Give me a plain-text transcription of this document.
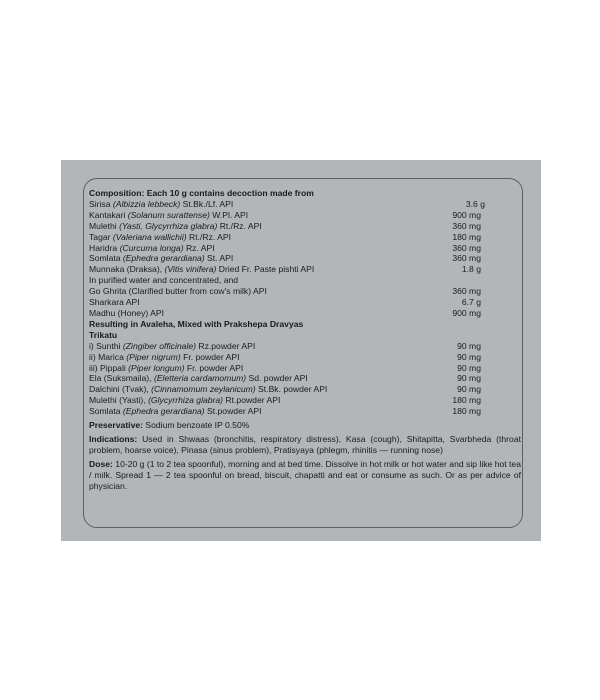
Composition: Each 10 g contains decoction made from
Sirisa (Albizzia lebbeck) St.Bk./Lf. API	3.6 g
Kantakari (Solanum surattense) W.Pl. API	900 mg
Mulethi (Yasti, Glycyrrhiza glabra) Rt./Rz. API	360 mg
Tagar (Valeriana wallichii) Rt./Rz. API	180 mg
Haridra (Curcuma longa) Rz. API	360 mg
Somlata (Ephedra gerardiana) St. API	360 mg
Munnaka (Draksa), (Vitis vinifera) Dried Fr. Paste pishti API	1.8 g
In purified water and concentrated, and
Go Ghrita (Clarified butter from cow's milk) API	360 mg
Sharkara API	6.7 g
Madhu (Honey) API	900 mg
Resulting in Avaleha, Mixed with Prakshepa Dravyas
Trikatu
i) Sunthi (Zingiber officinale) Rz.powder API	90 mg
ii) Marica (Piper nigrum) Fr. powder API	90 mg
iii) Pippali (Piper longum) Fr. powder API	90 mg
Ela (Suksmaila), (Eletteria cardamomum) Sd. powder API	90 mg
Dalchini (Tvak), (Cinnamomum zeylanicum) St.Bk. powder API	90 mg
Mulethi (Yasti), (Glycyrrhiza glabra) Rt.powder API	180 mg
Somlata (Ephedra gerardiana) St.powder API	180 mg
Preservative: Sodium benzoate IP 0.50%
Indications: Used in Shwaas (bronchitis, respiratory distress), Kasa (cough), Shitapitta, Svarbheda (throat problem, hoarse voice), Pinasa (sinus problem), Pratisyaya (phlegm, rhinitis — running nose)
Dose: 10-20 g (1 to 2 tea spoonful), morning and at bed time. Dissolve in hot milk or hot water and sip like hot tea / milk. Spread 1 — 2 tea spoonful on bread, biscuit, chapatti and eat or consume as such. Or as per advice of physician.
